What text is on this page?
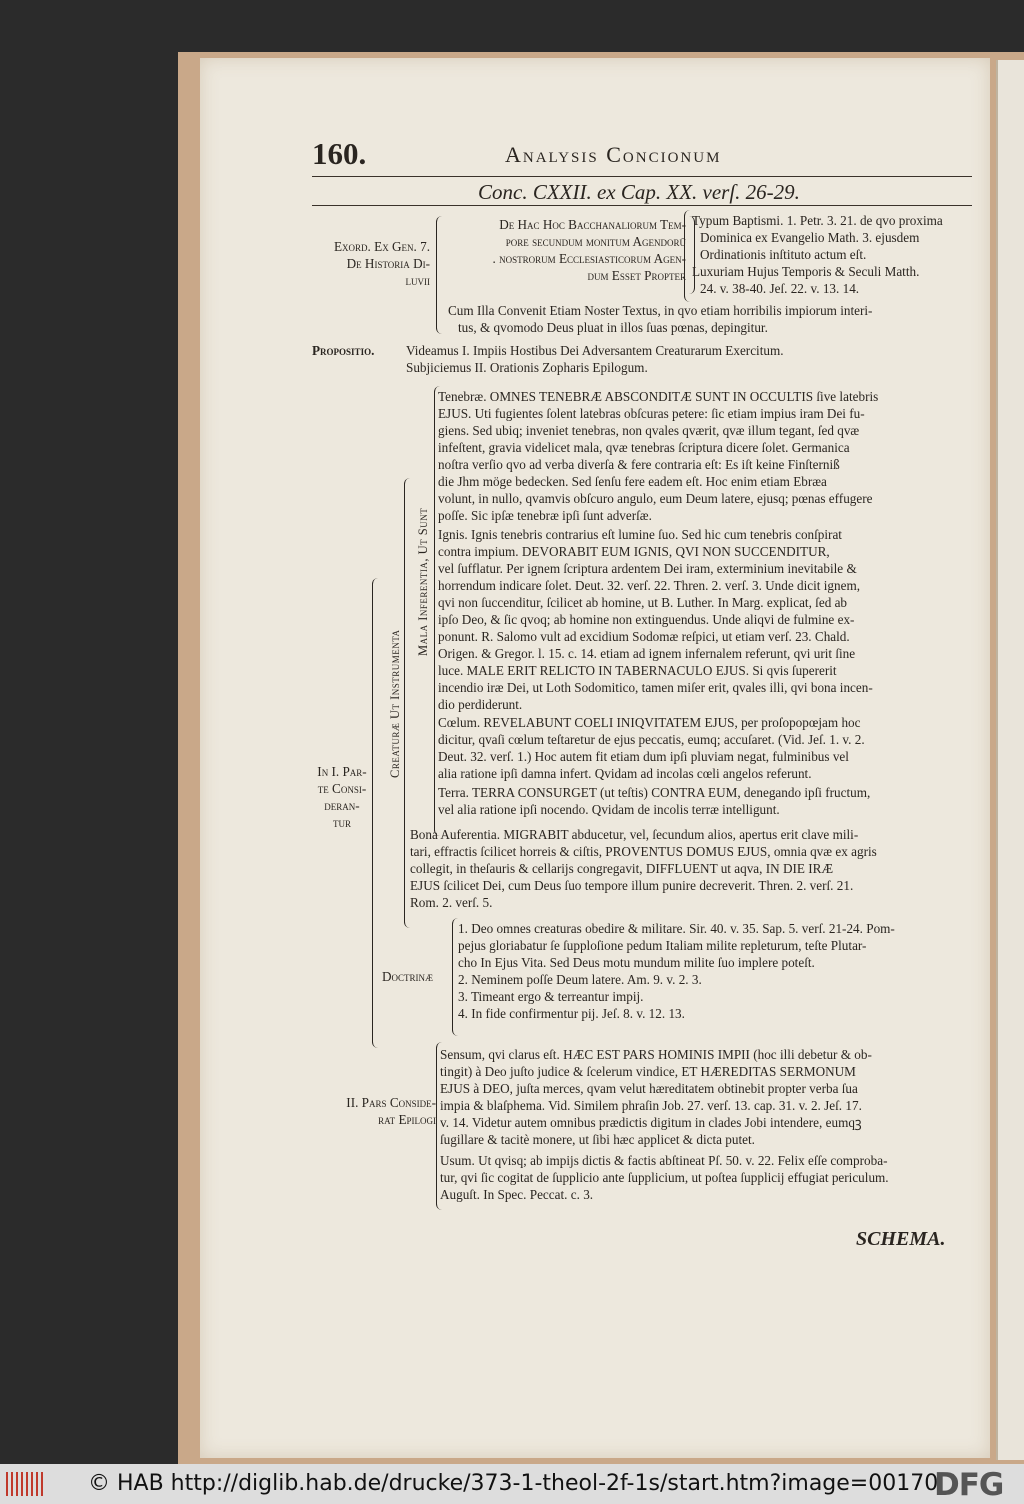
160.	Analysis Concionum
Conc. CXXII. ex Cap. XX. verſ. 26-29.
Exord. Ex Gen. 7.
De Historia Di-
luvii
De Hac Hoc Bacchanaliorum Tem-
pore ſecundum monitum Agendorū
. noſtrorum Eccleſiaſticorum Agen-
dum Esset Propter
Typum Baptismi. 1. Petr. 3. 21. de qvo proxima
Dominica ex Evangelio Math. 3. ejusdem
Ordinationis inſtituto actum eſt.
Luxuriam Hujus Temporis & Seculi Matth.
24. v. 38-40. Jeſ. 22. v. 13. 14.
Cum Illa Convenit Etiam Noster Textus, in qvo etiam horribilis impiorum interi-
tus, & qvomodo Deus pluat in illos ſuas pœnas, depingitur.
Propositio. Videamus I. Impiis Hostibus Dei Adversantem Creaturarum Exercitum.
Subjiciemus II. Orationis Zopharis Epilogum.
In I. Par-
te Consi-
deran-
tur
Creaturæ Ut Instrumenta
Mala Inferentia, Ut Sunt
Tenebræ. OMNES TENEBRÆ ABSCONDITÆ SUNT IN OCCULTIS ſive latebris
EJUS. Uti fugientes ſolent latebras obſcuras petere: ſic etiam impius iram Dei fu-
giens. Sed ubiq; inveniet tenebras, non qvales qværit, qvæ illum tegant, ſed qvæ
infeſtent, gravia videlicet mala, qvæ tenebras ſcriptura dicere ſolet. Germanica
noſtra verſio qvo ad verba diverſa & fere contraria eſt: Es iſt keine Finſterniß
die Jhm möge bedecken. Sed ſenſu fere eadem eſt. Hoc enim etiam Ebræa
volunt, in nullo, qvamvis obſcuro angulo, eum Deum latere, ejusq; pœnas effugere
poſſe. Sic ipſæ tenebræ ipſi ſunt adverſæ.
Ignis. Ignis tenebris contrarius eſt lumine ſuo. Sed hic cum tenebris conſpirat
contra impium. DEVORABIT EUM IGNIS, QVI NON SUCCENDITUR,
vel ſufflatur. Per ignem ſcriptura ardentem Dei iram, exterminium inevitabile &
horrendum indicare ſolet. Deut. 32. verſ. 22. Thren. 2. verſ. 3. Unde dicit ignem,
qvi non ſuccenditur, ſcilicet ab homine, ut B. Luther. In Marg. explicat, ſed ab
ipſo Deo, & ſic qvoq; ab homine non extinguendus. Unde aliqvi de fulmine ex-
ponunt. R. Salomo vult ad excidium Sodomæ reſpici, ut etiam verſ. 23. Chald.
Origen. & Gregor. l. 15. c. 14. etiam ad ignem infernalem referunt, qvi urit ſine
luce. MALE ERIT RELICTO IN TABERNACULO EJUS. Si qvis ſupererit
incendio iræ Dei, ut Loth Sodomitico, tamen miſer erit, qvales illi, qvi bona incen-
dio perdiderunt.
Cœlum. REVELABUNT COELI INIQVITATEM EJUS, per proſopopœjam hoc
dicitur, qvaſi cœlum teſtaretur de ejus peccatis, eumq; accuſaret. (Vid. Jeſ. 1. v. 2.
Deut. 32. verſ. 1.) Hoc autem fit etiam dum ipſi pluviam negat, fulminibus vel
alia ratione ipſi damna infert. Qvidam ad incolas cœli angelos referunt.
Terra. TERRA CONSURGET (ut teſtis) CONTRA EUM, denegando ipſi fructum,
vel alia ratione ipſi nocendo. Qvidam de incolis terræ intelligunt.
Bona Auferentia. MIGRABIT abducetur, vel, ſecundum alios, apertus erit clave mili-
tari, effractis ſcilicet horreis & ciſtis, PROVENTUS DOMUS EJUS, omnia qvæ ex agris
collegit, in theſauris & cellarijs congregavit, DIFFLUENT ut aqva, IN DIE IRÆ
EJUS ſcilicet Dei, cum Deus ſuo tempore illum punire decreverit. Thren. 2. verſ. 21.
Rom. 2. verſ. 5.
Doctrinæ
1. Deo omnes creaturas obedire & militare. Sir. 40. v. 35. Sap. 5. verſ. 21-24. Pom-
pejus gloriabatur ſe ſupploſione pedum Italiam milite repleturum, teſte Plutar-
cho In Ejus Vita. Sed Deus motu mundum milite ſuo implere poteſt.
2. Neminem poſſe Deum latere. Am. 9. v. 2. 3.
3. Timeant ergo & terreantur impij.
4. In fide confirmentur pij. Jeſ. 8. v. 12. 13.
II. Pars Conside-
rat Epilogi
Sensum, qvi clarus eſt. HÆC EST PARS HOMINIS IMPII (hoc illi debetur & ob-
tingit) à Deo juſto judice & ſcelerum vindice, ET HÆREDITAS SERMONUM
EJUS à DEO, juſta merces, qvam velut hæreditatem obtinebit propter verba ſua
impia & blaſphema. Vid. Similem phraſin Job. 27. verſ. 13. cap. 31. v. 2. Jeſ. 17.
v. 14. Videtur autem omnibus prædictis digitum in clades Jobi intendere, eumqꝫ
ſugillare & tacitè monere, ut ſibi hæc applicet & dicta putet.
Usum. Ut qvisq; ab impijs dictis & factis abſtineat Pſ. 50. v. 22. Felix eſſe comproba-
tur, qvi ſic cogitat de ſupplicio ante ſupplicium, ut poſtea ſupplicij effugiat periculum.
Auguſt. In Spec. Peccat. c. 3.
SCHEMA.
© HAB http://diglib.hab.de/drucke/373-1-theol-2f-1s/start.htm?image=00170
DFG
